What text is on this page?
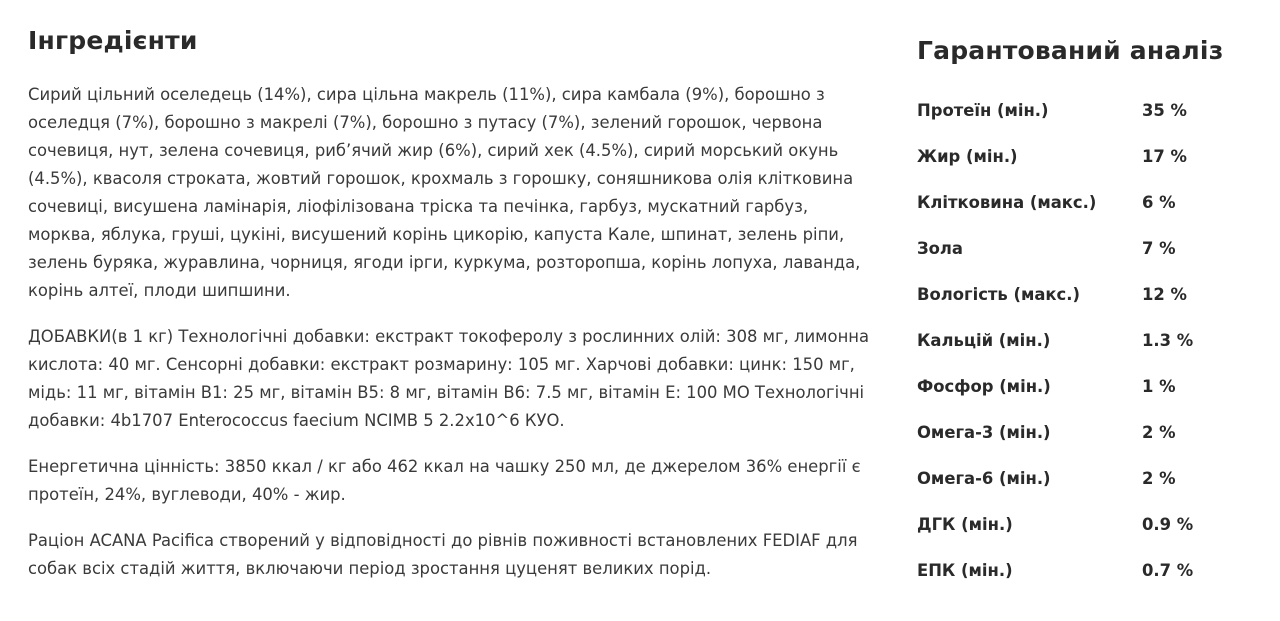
Інгредієнти

Сирий цільний оселедець (14%), сира цільна макрель (11%), сира камбала (9%), борошно з оселедця (7%), борошно з макрелі (7%), борошно з путасу (7%), зелений горошок, червона сочевиця, нут, зелена сочевиця, риб’ячий жир (6%), сирий хек (4.5%), сирий морський окунь (4.5%), квасоля строката, жовтий горошок, крохмаль з горошку, соняшникова олія клітковина сочевиці, висушена ламінарія, ліофілізована тріска та печінка, гарбуз, мускатний гарбуз, морква, яблука, груші, цукіні, висушений корінь цикорію, капуста Кале, шпинат, зелень ріпи, зелень буряка, журавлина, чорниця, ягоди ірги, куркума, розторопша, корінь лопуха, лаванда, корінь алтеї, плоди шипшини.

ДОБАВКИ(в 1 кг) Технологічні добавки: екстракт токоферолу з рослинних олій: 308 мг, лимонна кислота: 40 мг. Сенсорні добавки: екстракт розмарину: 105 мг. Харчові добавки: цинк: 150 мг, мідь: 11 мг, вітамін B1: 25 мг, вітамін B5: 8 мг, вітамін B6: 7.5 мг, вітамін E: 100 MO Технологічні добавки: 4b1707 Enterococcus faecium NCIMB 5 2.2x10^6 КУО.

Енергетична цінність: 3850 ккал / кг або 462 ккал на чашку 250 мл, де джерелом 36% енергії є протеїн, 24%, вуглеводи, 40% - жир.

Раціон ACANA Pacifica створений у відповідності до рівнів поживності встановлених FEDIAF для собак всіх стадій життя, включаючи період зростання цуценят великих порід.

Гарантований аналіз
Протеїн (мін.)	35 %
Жир (мін.)	17 %
Клітковина (макс.)	6 %
Зола	7 %
Вологість (макс.)	12 %
Кальцій (мін.)	1.3 %
Фосфор (мін.)	1 %
Омега-3 (мін.)	2 %
Омега-6 (мін.)	2 %
ДГК (мін.)	0.9 %
ЕПК (мін.)	0.7 %
